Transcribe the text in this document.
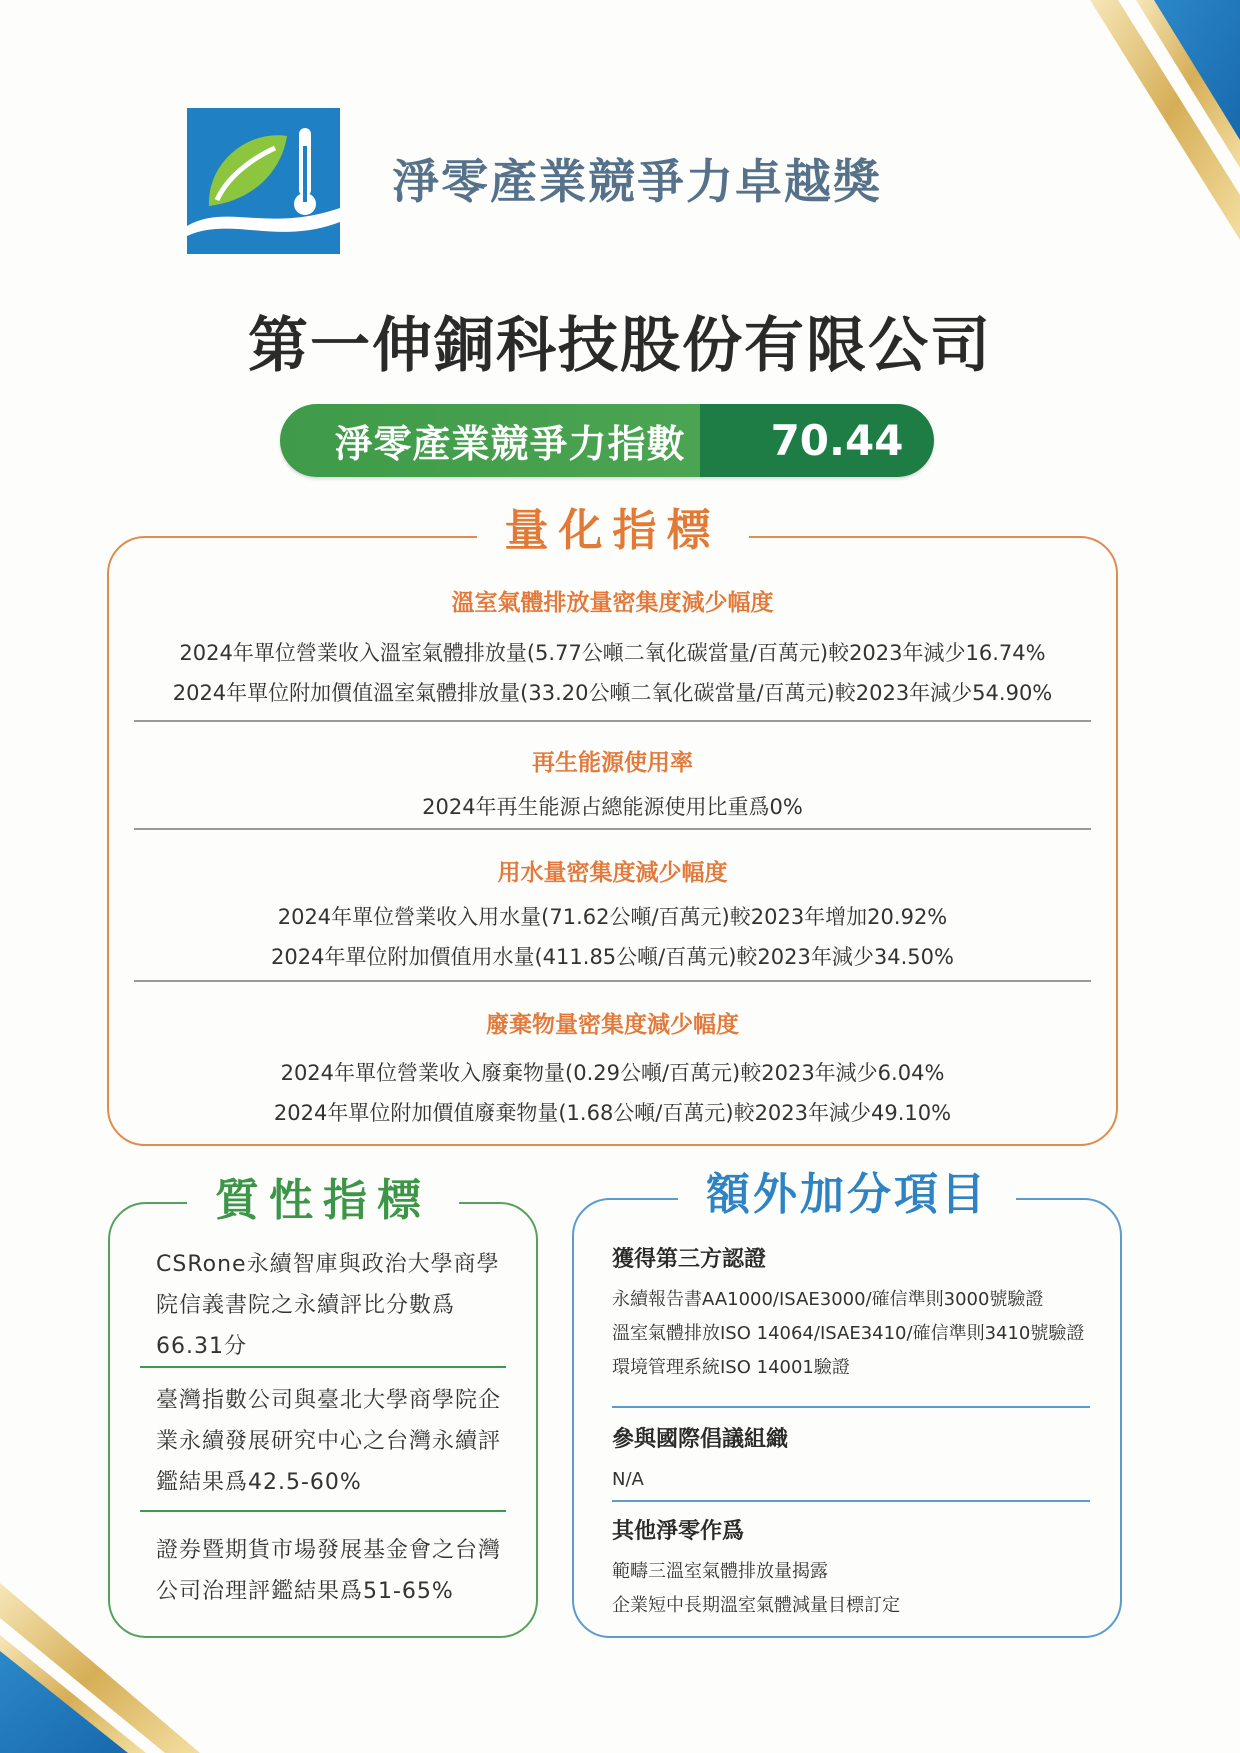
淨零產業競爭力卓越獎
第一伸銅科技股份有限公司
淨零產業競爭力指數	70.44
量化指標
溫室氣體排放量密集度減少幅度
2024年單位營業收入溫室氣體排放量(5.77公噸二氧化碳當量/百萬元)較2023年減少16.74%
2024年單位附加價值溫室氣體排放量(33.20公噸二氧化碳當量/百萬元)較2023年減少54.90%
再生能源使用率
2024年再生能源占總能源使用比重爲0%
用水量密集度減少幅度
2024年單位營業收入用水量(71.62公噸/百萬元)較2023年增加20.92%
2024年單位附加價值用水量(411.85公噸/百萬元)較2023年減少34.50%
廢棄物量密集度減少幅度
2024年單位營業收入廢棄物量(0.29公噸/百萬元)較2023年減少6.04%
2024年單位附加價值廢棄物量(1.68公噸/百萬元)較2023年減少49.10%
質性指標
CSRone永續智庫與政治大學商學院信義書院之永續評比分數爲66.31分
臺灣指數公司與臺北大學商學院企業永續發展研究中心之台灣永續評鑑結果爲42.5-60%
證券暨期貨市場發展基金會之台灣公司治理評鑑結果爲51-65%
額外加分項目
獲得第三方認證
永續報告書AA1000/ISAE3000/確信準則3000號驗證
溫室氣體排放ISO 14064/ISAE3410/確信準則3410號驗證
環境管理系統ISO 14001驗證
參與國際倡議組織
N/A
其他淨零作爲
範疇三溫室氣體排放量揭露
企業短中長期溫室氣體減量目標訂定
